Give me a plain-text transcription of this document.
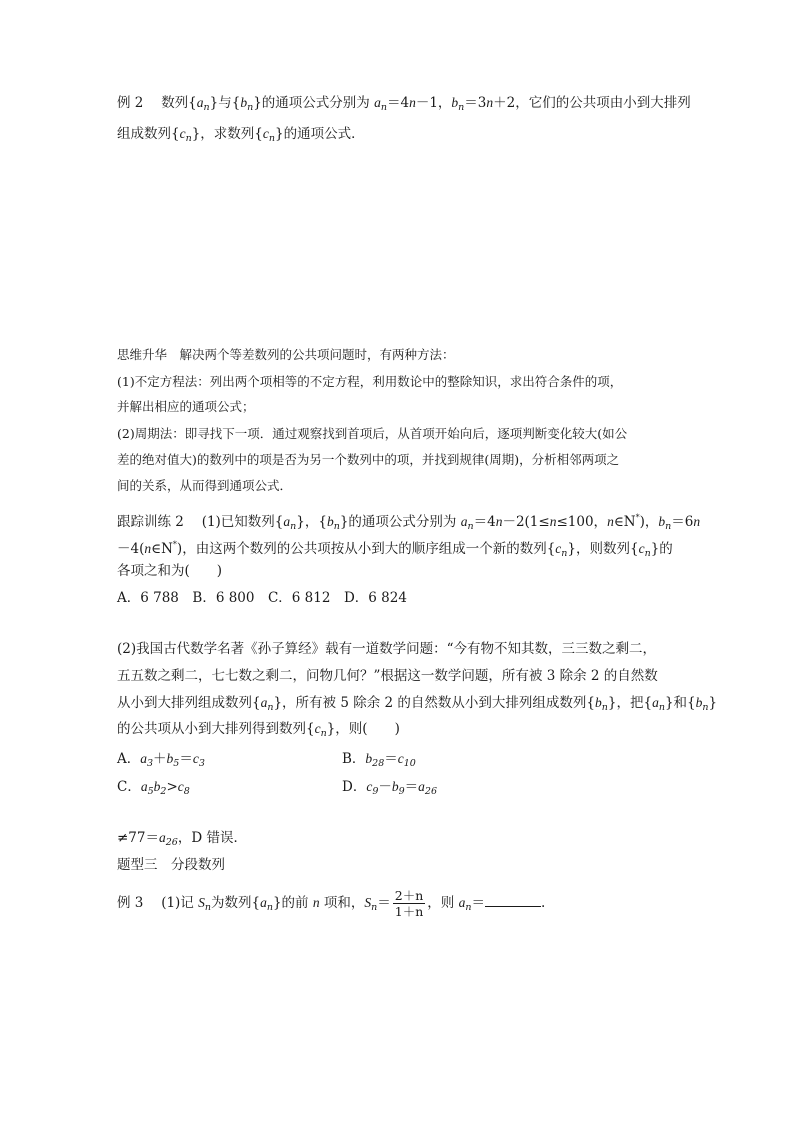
例 2　 数列$\{a_n\}$与$\{b_n\}$的通项公式分别为 $a_n=4n-1$，$b_n=3n+2$，它们的公共项由小到大排列
组成数列$\{c_n\}$，求数列$\{c_n\}$的通项公式．
思维升华　 解决两个等差数列的公共项问题时，有两种方法：
(1)不定方程法：列出两个项相等的不定方程，利用数论中的整除知识，求出符合条件的项，
并解出相应的通项公式；
(2)周期法：即寻找下一项．通过观察找到首项后，从首项开始向后，逐项判断变化较大(如公
差的绝对值大)的数列中的项是否为另一个数列中的项，并找到规律(周期)，分析相邻两项之
间的关系，从而得到通项公式．
跟踪训练 2　 (1)已知数列$\{a_n\}$，$\{b_n\}$的通项公式分别为 $a_n=4n-2(1\le n\le 100$，n∈N*)，$b_n=6n$
－4(n∈N*)，由这两个数列的公共项按从小到大的顺序组成一个新的数列$\{c_n\}$，则数列$\{c_n\}$的
各项之和为(　　)
A．6 788　B．6 800　C．6 812　D．6 824
(2)我国古代数学名著《孙子算经》载有一道数学问题：“今有物不知其数，三三数之剩二，
五五数之剩二，七七数之剩二，问物几何？”根据这一数学问题，所有被 3 除余 2 的自然数
从小到大排列组成数列$\{a_n\}$，所有被 5 除余 2 的自然数从小到大排列组成数列$\{b_n\}$，把$\{a_n\}$和$\{b_n\}$
的公共项从小到大排列得到数列$\{c_n\}$，则(　　)
A．$a_3+b_5=c_3$	B．$b_{28}=c_{10}$
C．$a_5b_2>c_8$	D．$c_9-b_9=a_{26}$
$\ne 77=a_{26}$，D 错误．
题型三　分段数列
例 3　 (1)记 $S_n$为数列$\{a_n\}$的前 n 项和，$S_n= \frac{2+n}{1+n}$ ，则 $a_n=$	.
